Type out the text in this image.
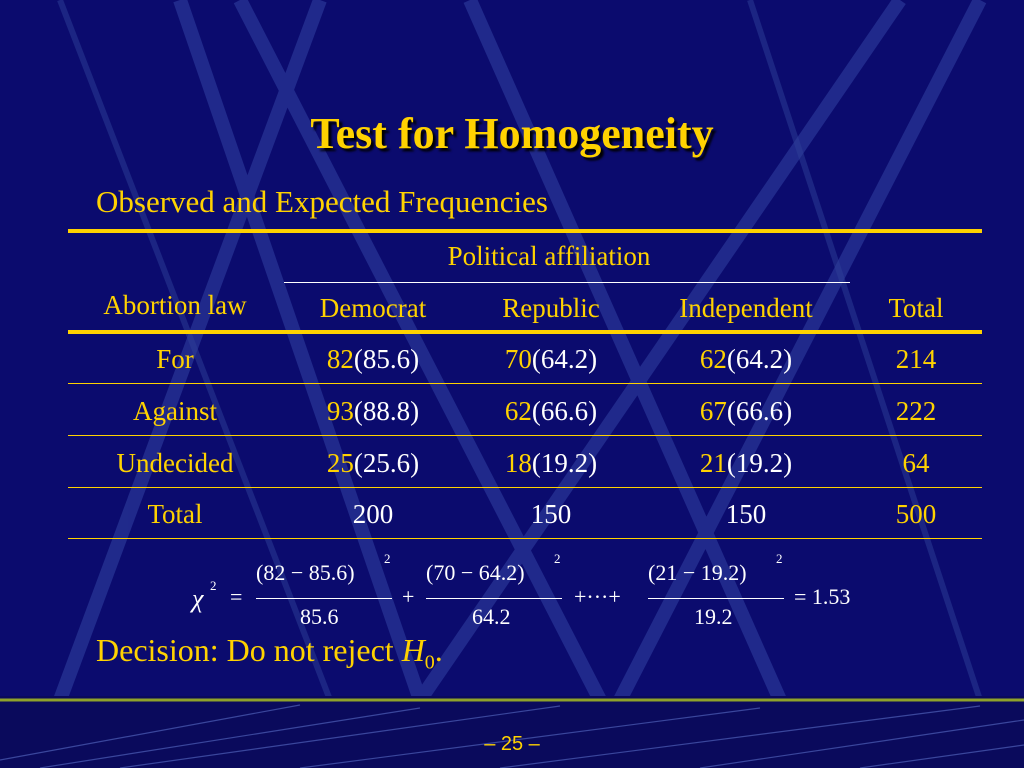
Test for Homogeneity
Observed and Expected Frequencies
Political affiliation
Abortion law	Democrat	Republic	Independent	Total
For	82(85.6)	70(64.2)	62(64.2)	214
Against	93(88.8)	62(66.6)	67(66.6)	222
Undecided	25(25.6)	18(19.2)	21(19.2)	64
Total	200	150	150	500
χ 2 =
(82 − 85.6)
2
85.6
+
(70 − 64.2)
2
64.2
+···+
(21 − 19.2)
2
19.2
= 1.53
Decision: Do not reject $H_0$.
– 25 –
